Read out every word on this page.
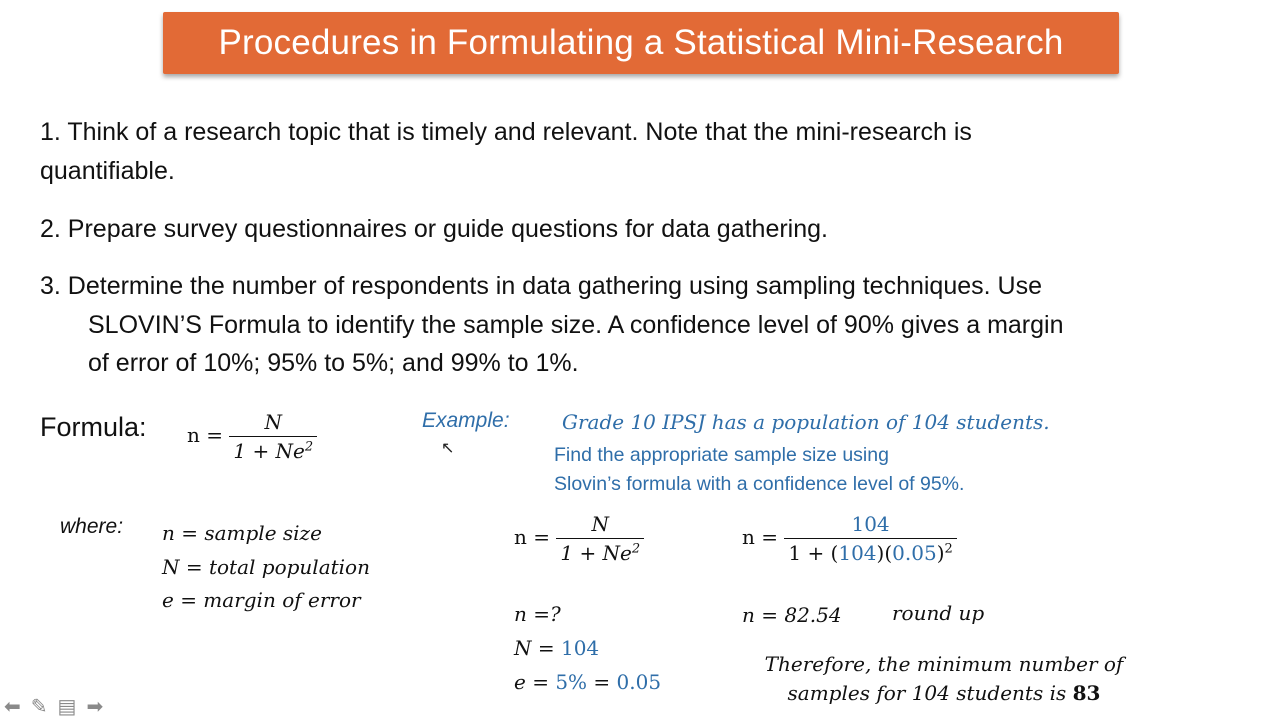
Procedures in Formulating a Statistical Mini-Research
1. Think of a research topic that is timely and relevant. Note that the mini-research is
quantifiable.
2. Prepare survey questionnaires or guide questions for data gathering.
3. Determine the number of respondents in data gathering using sampling techniques. Use
SLOVIN’S Formula to identify the sample size. A confidence level of 90% gives a margin
of error of 10%; 95% to 5%; and 99% to 1%.
Formula: $n = \frac{N}{1 + Ne^2}$
where: n = sample size
N = total population
e = margin of error
Example:	Grade 10 IPSJ has a population of 104 students.
Find the appropriate sample size using
Slovin’s formula with a confidence level of 95%.
$n = \frac{N}{1 + Ne^2}$	$n = \frac{104}{1 + (104)(0.05)^2}$
n =?
N = 104
e = 5% = 0.05
n = 82.54	round up
Therefore, the minimum number of
samples for 104 students is 83
↖
⬅ ✎ ▤ ➡
